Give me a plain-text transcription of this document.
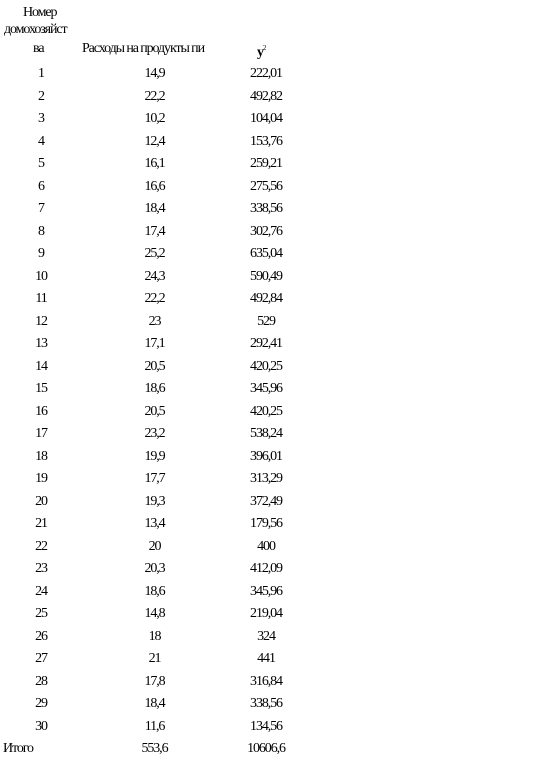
Номер
домохозяйст
ва	Расходы на продукты пи	$y^2$
1	14,9	222,01
2	22,2	492,82
3	10,2	104,04
4	12,4	153,76
5	16,1	259,21
6	16,6	275,56
7	18,4	338,56
8	17,4	302,76
9	25,2	635,04
10	24,3	590,49
11	22,2	492,84
12	23	529
13	17,1	292,41
14	20,5	420,25
15	18,6	345,96
16	20,5	420,25
17	23,2	538,24
18	19,9	396,01
19	17,7	313,29
20	19,3	372,49
21	13,4	179,56
22	20	400
23	20,3	412,09
24	18,6	345,96
25	14,8	219,04
26	18	324
27	21	441
28	17,8	316,84
29	18,4	338,56
30	11,6	134,56
Итого	553,6	10606,6
